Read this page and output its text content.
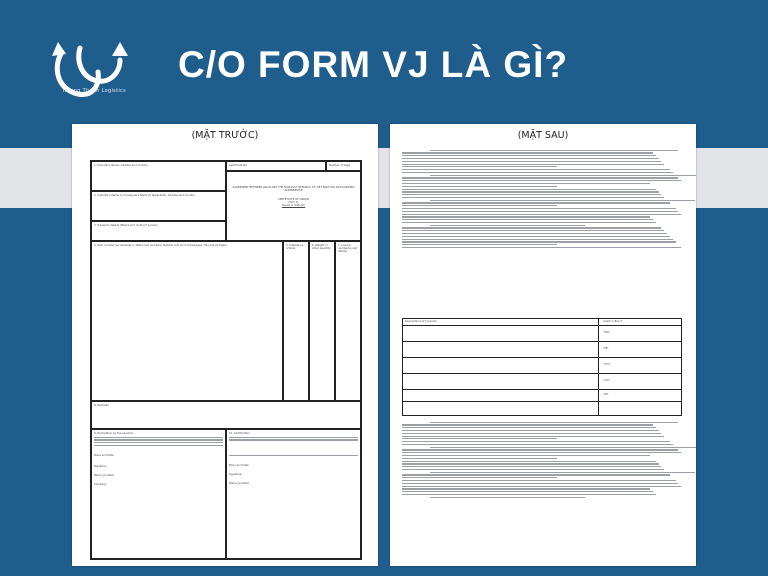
Truong Thanh Logistics
C/O FORM VJ LÀ GÌ?
(MẶT TRƯỚC)
1. Exporter's Name, Address and Country	Certificate No.	Number of page
2. Importer's Name or Consignee's Name (if applicable), Address and Country
AGREEMENT BETWEEN JAPAN AND THE SOCIALIST REPUBLIC OF VIET NAM FOR AN ECONOMIC PARTNERSHIP
CERTIFICATE OF ORIGIN
Form VJ
Issued in Vietnam
3. Transport details (Means and route) (if known)
4. Item number (as necessary); Marks and numbers; Number and kind of packages; HS code (6 digits)	5. Preference criteria
6. Weight or other quantity
7. Invoice number(s) and date(s)
8. Remarks
9. Declaration by the exporter
Place and Date
Signature
Name (printed)
Company
10. Certification
Place and Date
Signature
Name (printed)
(MẶT SAU)
Descriptions of products	Insert in Box 5
"WO"
"PE"
"CTC"
"LVC"
"SP"
